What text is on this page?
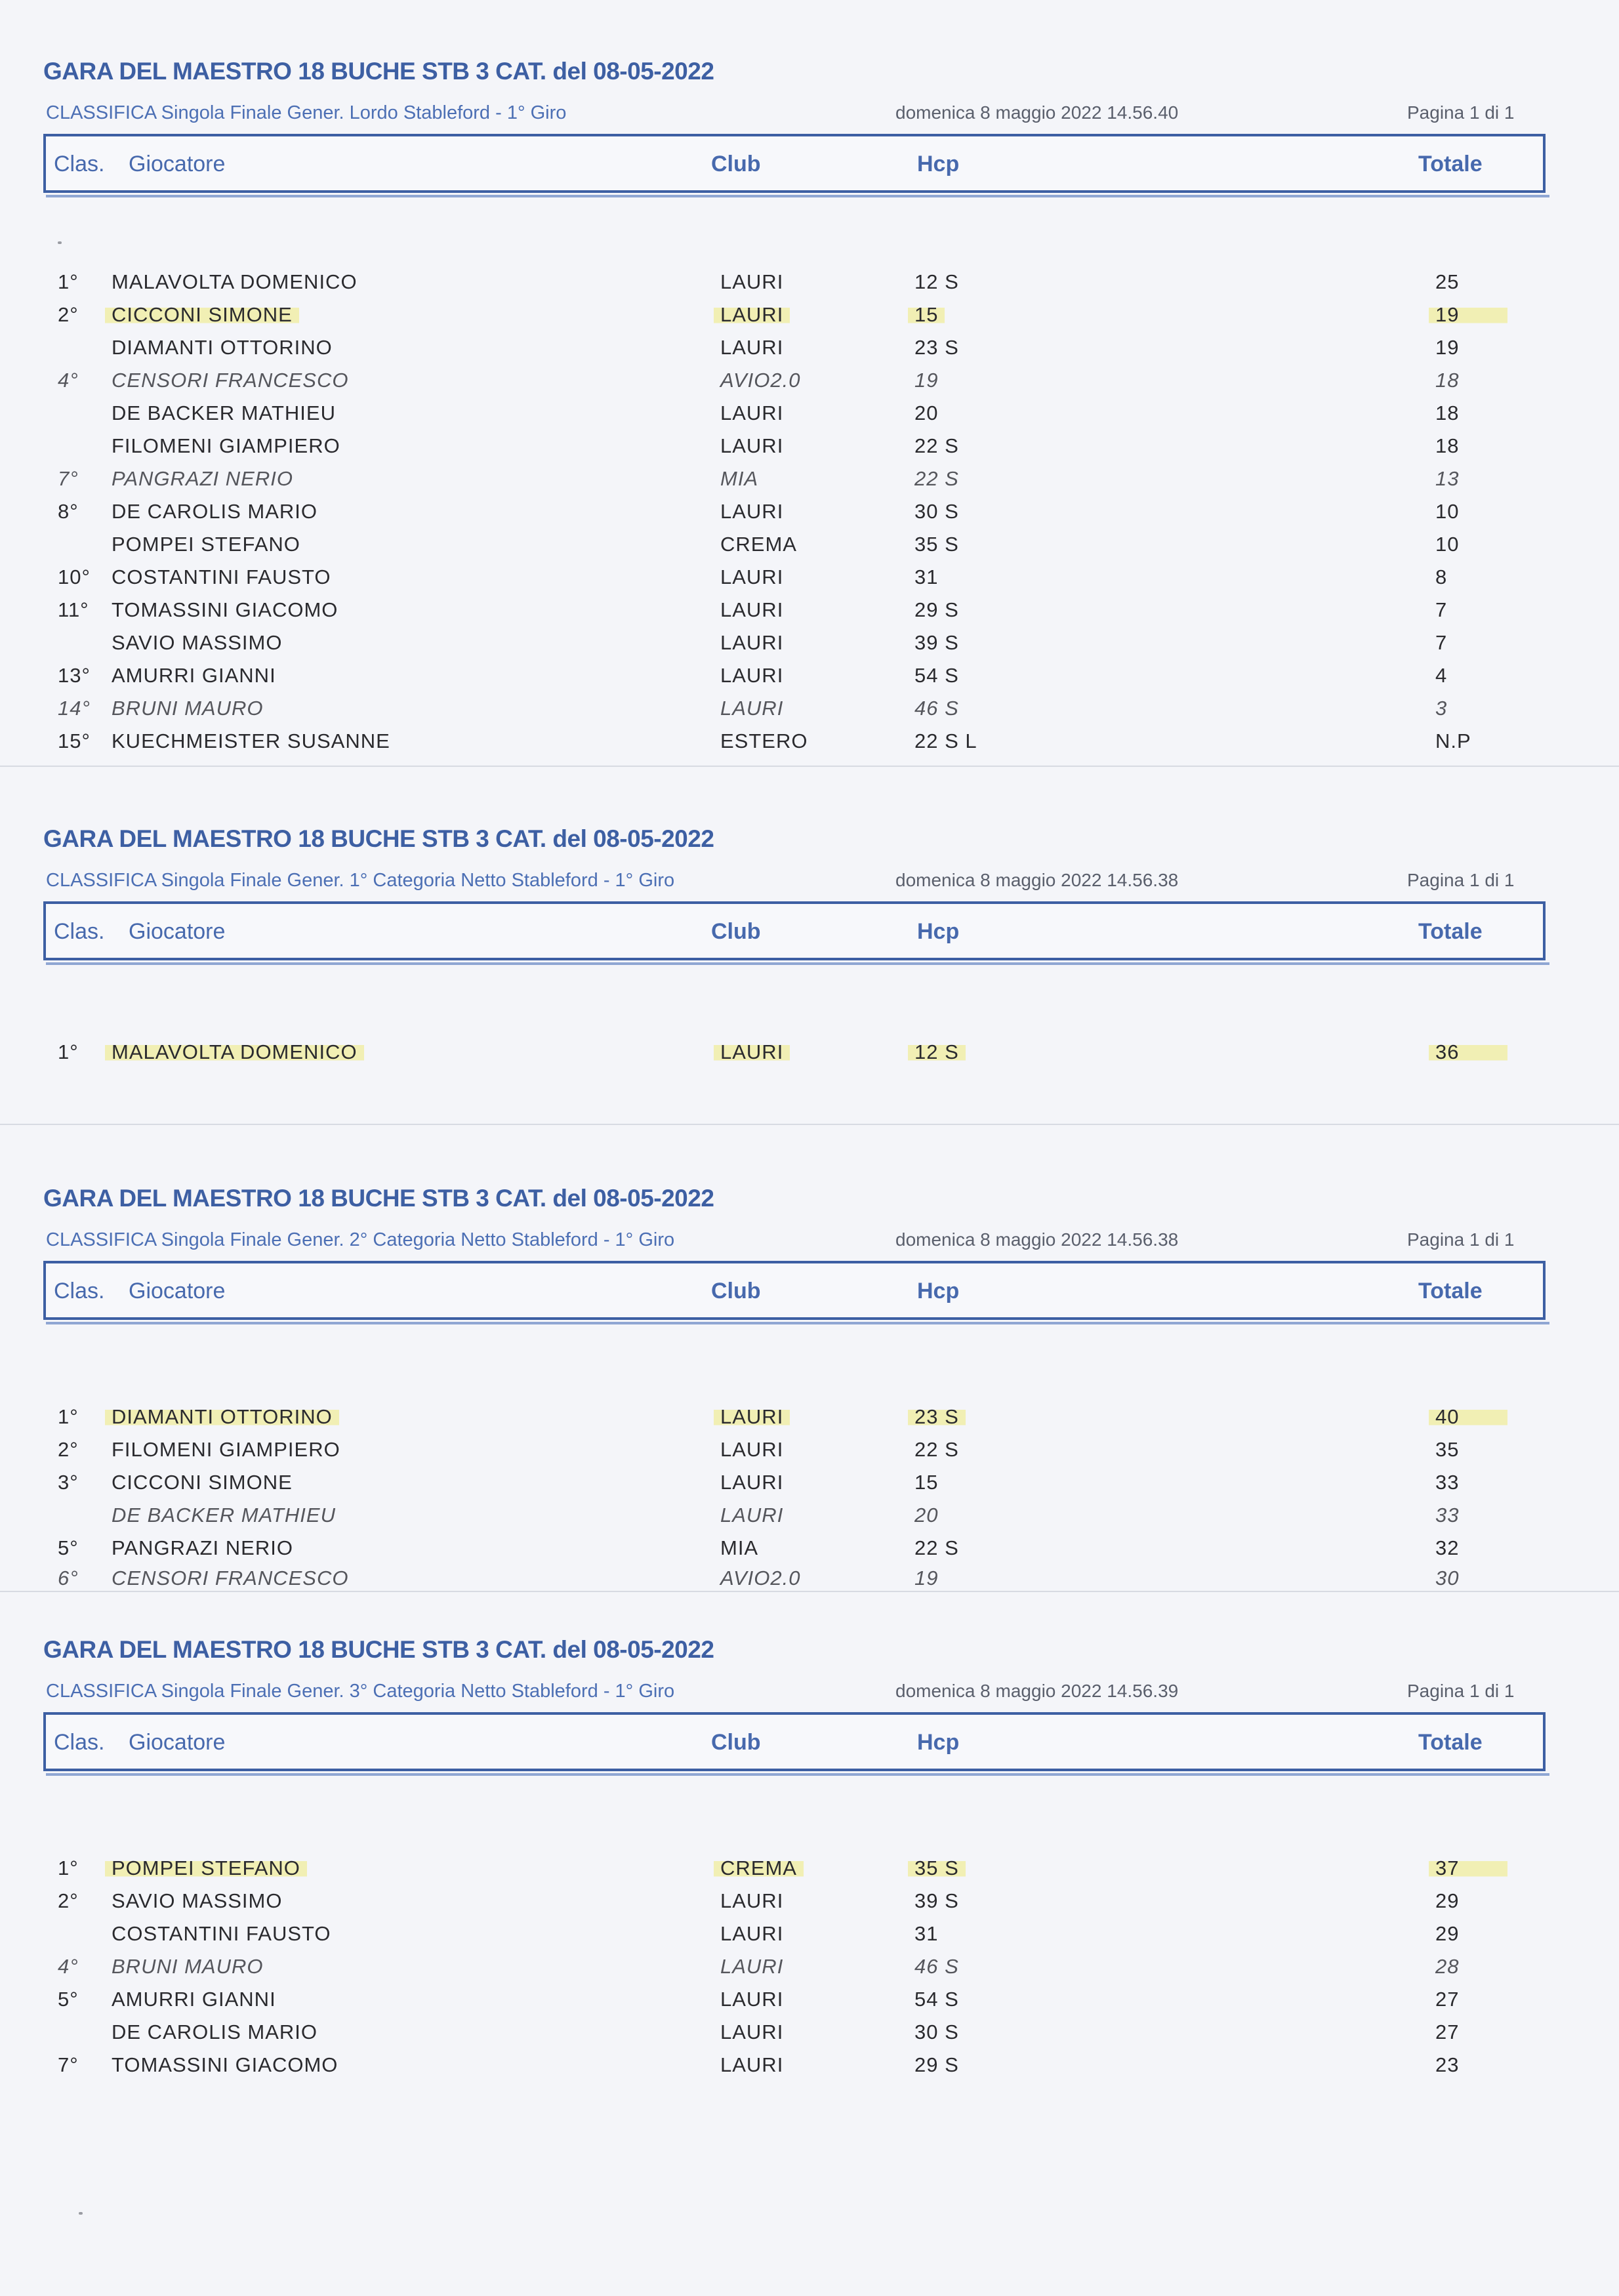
GARA DEL MAESTRO 18 BUCHE STB 3 CAT. del 08-05-2022
CLASSIFICA Singola Finale Gener. Lordo Stableford - 1° Giro	domenica 8 maggio 2022 14.56.40	Pagina 1 di 1
Clas. Giocatore	Club	Hcp	Totale
1° MALAVOLTA DOMENICO	LAURI	12 S	25
2°	CICCONI SIMONE	LAURI	15	19
DIAMANTI OTTORINO	LAURI	23 S	19
4° CENSORI FRANCESCO	AVIO2.0	19	18
DE BACKER MATHIEU	LAURI	20	18
FILOMENI GIAMPIERO	LAURI	22 S	18
7° PANGRAZI NERIO	MIA	22 S	13
8° DE CAROLIS MARIO	LAURI	30 S	10
POMPEI STEFANO	CREMA	35 S	10
10° COSTANTINI FAUSTO	LAURI	31	8
11° TOMASSINI GIACOMO	LAURI	29 S	7
SAVIO MASSIMO	LAURI	39 S	7
13° AMURRI GIANNI	LAURI	54 S	4
14° BRUNI MAURO	LAURI	46 S	3
15° KUECHMEISTER SUSANNE	ESTERO	22 S L	N.P
GARA DEL MAESTRO 18 BUCHE STB 3 CAT. del 08-05-2022
CLASSIFICA Singola Finale Gener. 1° Categoria Netto Stableford - 1° Giro	domenica 8 maggio 2022 14.56.38	Pagina 1 di 1
Clas. Giocatore	Club	Hcp	Totale
1°	MALAVOLTA DOMENICO	LAURI	12 S	36
GARA DEL MAESTRO 18 BUCHE STB 3 CAT. del 08-05-2022
CLASSIFICA Singola Finale Gener. 2° Categoria Netto Stableford - 1° Giro	domenica 8 maggio 2022 14.56.38	Pagina 1 di 1
Clas. Giocatore	Club	Hcp	Totale
1°	DIAMANTI OTTORINO	LAURI	23 S	40
2° FILOMENI GIAMPIERO	LAURI	22 S	35
3° CICCONI SIMONE	LAURI	15	33
DE BACKER MATHIEU	LAURI	20	33
5° PANGRAZI NERIO	MIA	22 S	32
6° CENSORI FRANCESCO	AVIO2.0	19	30
GARA DEL MAESTRO 18 BUCHE STB 3 CAT. del 08-05-2022
CLASSIFICA Singola Finale Gener. 3° Categoria Netto Stableford - 1° Giro	domenica 8 maggio 2022 14.56.39	Pagina 1 di 1
Clas. Giocatore	Club	Hcp	Totale
1°	POMPEI STEFANO	CREMA	35 S	37
2° SAVIO MASSIMO	LAURI	39 S	29
COSTANTINI FAUSTO	LAURI	31	29
4° BRUNI MAURO	LAURI	46 S	28
5° AMURRI GIANNI	LAURI	54 S	27
DE CAROLIS MARIO	LAURI	30 S	27
7° TOMASSINI GIACOMO	LAURI	29 S	23
